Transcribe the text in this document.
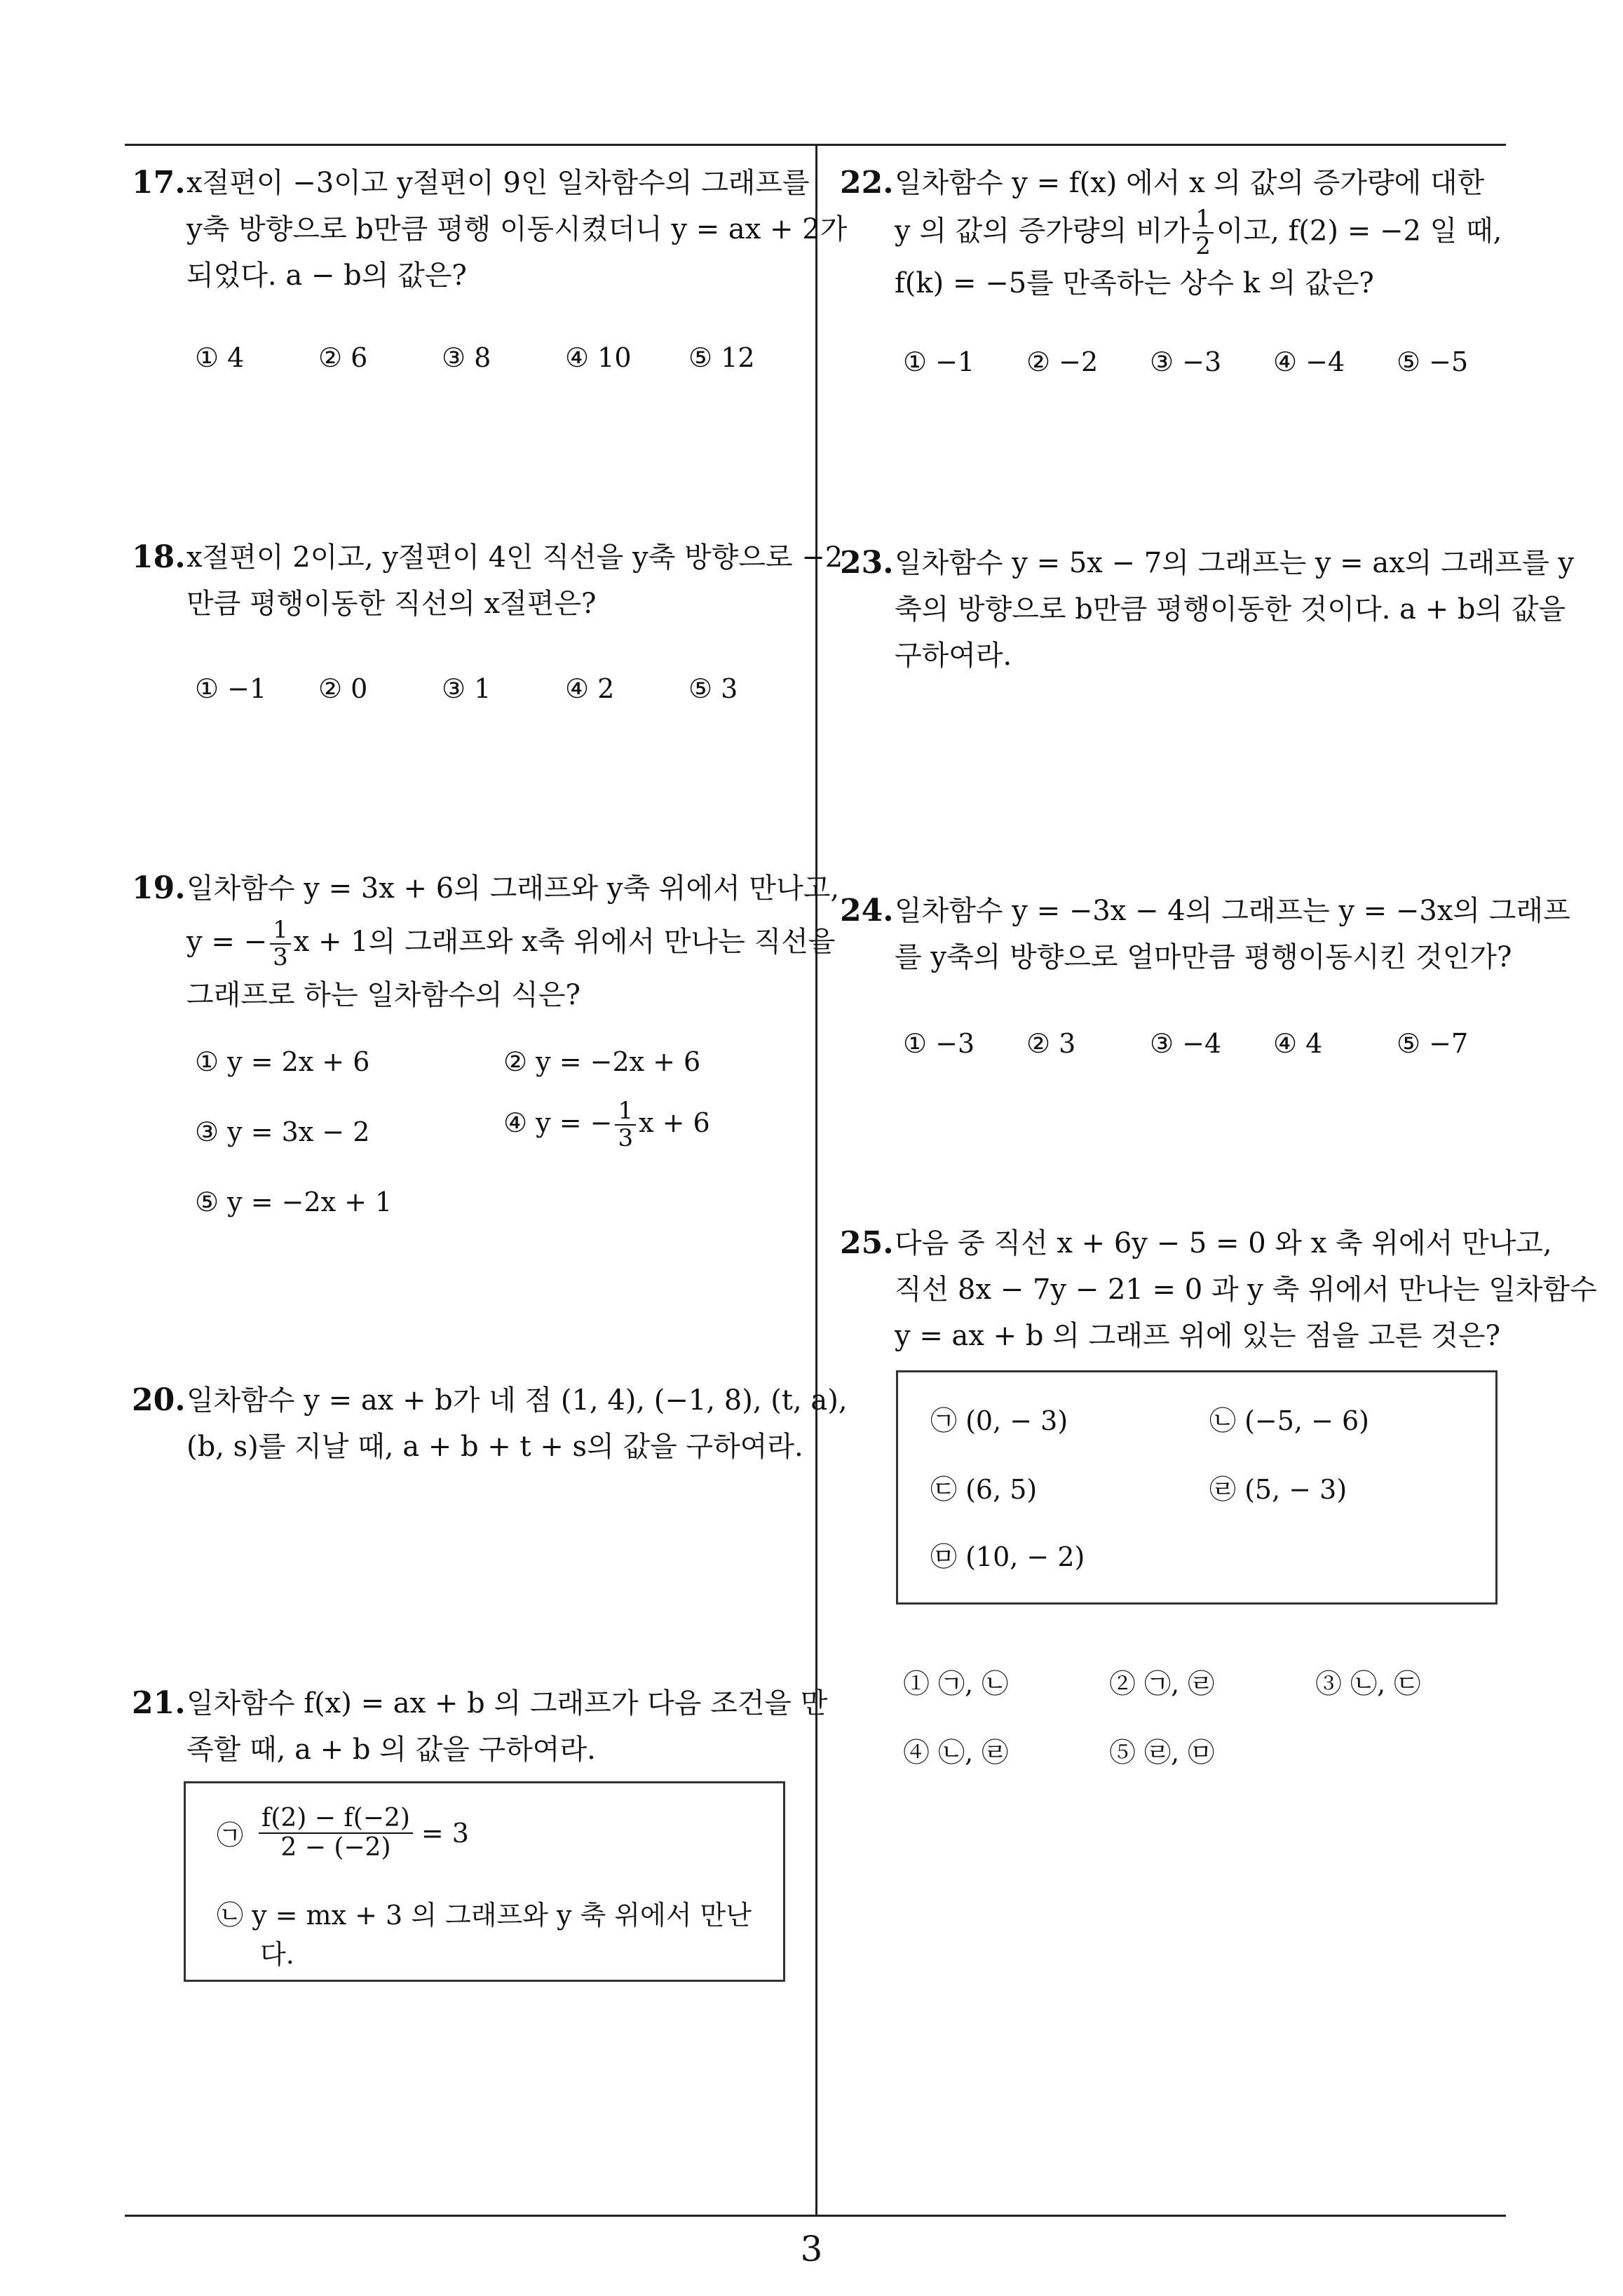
17. x절편이 −3이고 y절편이 9인 일차함수의 그래프를

y축 방향으로 b만큼 평행 이동시켰더니 y = ax + 2가

되었다. a − b의 값은?

① 4	② 6	③ 8	④ 10 ⑤ 12
18. x절편이 2이고, y절편이 4인 직선을 y축 방향으로 −2

만큼 평행이동한 직선의 x절편은?

① −1 ② 0	③ 1	④ 2	⑤ 3
19. 일차함수 y = 3x + 6의 그래프와 y축 위에서 만나고,

y = − $\frac{1}{3}$ x + 1의 그래프와 x축 위에서 만나는 직선을

그래프로 하는 일차함수의 식은?

① y = 2x + 6	② y = −2x + 6
③ y = 3x − 2	④ y = − $\frac{1}{3}$ x + 6
⑤ y = −2x + 1
20. 일차함수 y = ax + b가 네 점 (1, 4), (−1, 8), (t, a),

(b, s)를 지날 때, a + b + t + s의 값을 구하여라.

21. 일차함수 f(x) = ax + b 의 그래프가 다음 조건을 만

족할 때, a + b 의 값을 구하여라.

㉠ $\frac{f(2) - f(-2)}{2 - (-2)} = 3$
㉡ y = mx + 3 의 그래프와 y 축 위에서 만난
다.
22. 일차함수 y = f(x) 에서 x 의 값의 증가량에 대한

y 의 값의 증가량의 비가 $\frac{1}{2}$ 이고, f(2) = −2 일 때,

f(k) = −5를 만족하는 상수 k 의 값은?

① −1 ② −2 ③ −3 ④ −4 ⑤ −5
23. 일차함수 y = 5x − 7의 그래프는 y = ax의 그래프를 y

축의 방향으로 b만큼 평행이동한 것이다. a + b의 값을

구하여라.

24. 일차함수 y = −3x − 4의 그래프는 y = −3x의 그래프

를 y축의 방향으로 얼마만큼 평행이동시킨 것인가?

① −3 ② 3	③ −4 ④ 4	⑤ −7
25. 다음 중 직선 x + 6y − 5 = 0 와 x 축 위에서 만나고,

직선 8x − 7y − 21 = 0 과 y 축 위에서 만나는 일차함수

y = ax + b 의 그래프 위에 있는 점을 고른 것은?

㉠ (0, − 3)	㉡ (−5, − 6)
㉢ (6, 5)	㉣ (5, − 3)
㉤ (10, − 2)
① ㉠, ㉡	② ㉠, ㉣	③ ㉡, ㉢
④ ㉡, ㉣	⑤ ㉣, ㉤
3
